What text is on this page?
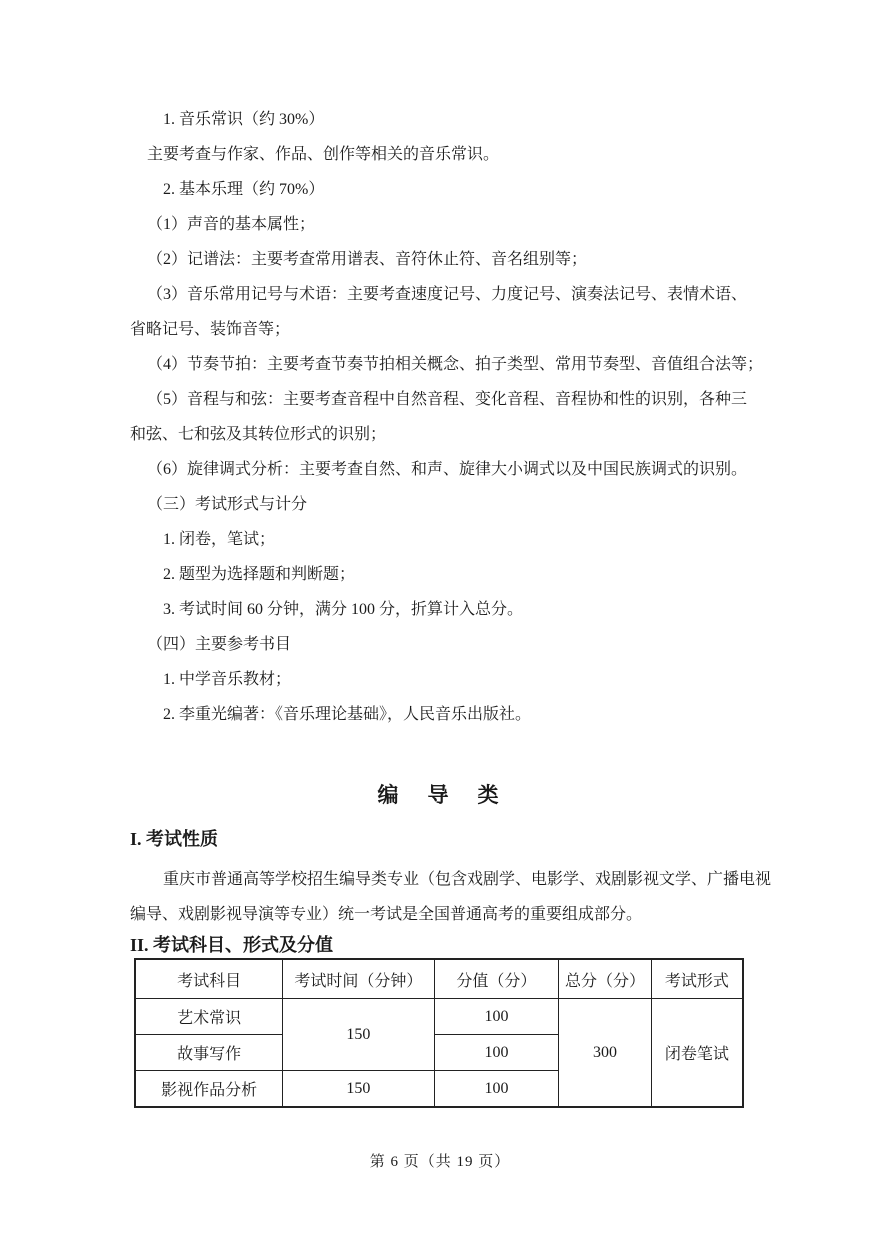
1. 音乐常识（约 30%）
主要考查与作家、作品、创作等相关的音乐常识。
2. 基本乐理（约 70%）
（1）声音的基本属性；
（2）记谱法：主要考查常用谱表、音符休止符、音名组别等；
（3）音乐常用记号与术语：主要考查速度记号、力度记号、演奏法记号、表情术语、
省略记号、装饰音等；
（4）节奏节拍：主要考查节奏节拍相关概念、拍子类型、常用节奏型、音值组合法等；
（5）音程与和弦：主要考查音程中自然音程、变化音程、音程协和性的识别，各种三
和弦、七和弦及其转位形式的识别；
（6）旋律调式分析：主要考查自然、和声、旋律大小调式以及中国民族调式的识别。
（三）考试形式与计分
1. 闭卷，笔试；
2. 题型为选择题和判断题；
3. 考试时间 60 分钟，满分 100 分，折算计入总分。
（四）主要参考书目
1. 中学音乐教材；
2. 李重光编著：《音乐理论基础》，人民音乐出版社。
编　导　类
I. 考试性质
重庆市普通高等学校招生编导类专业（包含戏剧学、电影学、戏剧影视文学、广播电视
编导、戏剧影视导演等专业）统一考试是全国普通高考的重要组成部分。
II. 考试科目、形式及分值
考试科目	考试时间（分钟）	分值（分）	总分（分）	考试形式
艺术常识	150	100	300	闭卷笔试
故事写作		100		
影视作品分析	150	100		
第 6 页（共 19 页）
